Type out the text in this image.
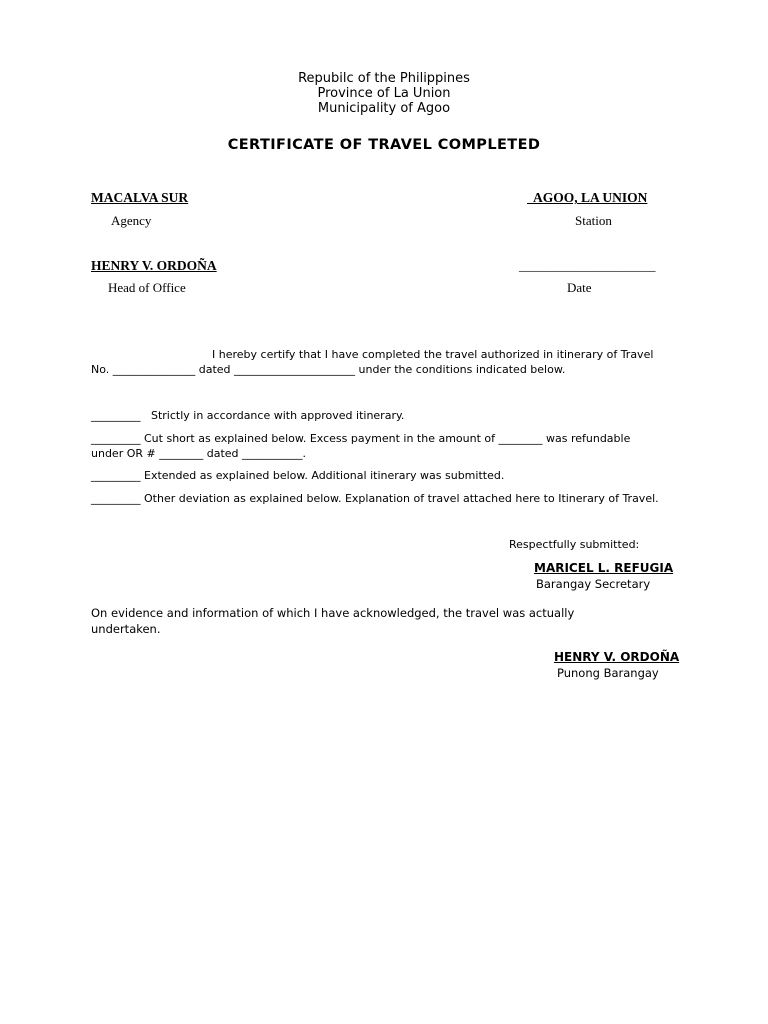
Repubilc of the Philippines
Province of La Union
Municipality of Agoo
CERTIFICATE OF TRAVEL COMPLETED
MACALVA SUR
Agency
AGOO, LA UNION
Station
HENRY V. ORDOÑA
Head of Office
_____________________
Date
I hereby certify that I have completed the travel authorized in itinerary of Travel
No. _______________ dated ______________________ under the conditions indicated below.
_________   Strictly in accordance with approved itinerary.
_________ Cut short as explained below. Excess payment in the amount of ________ was refundable
under OR # ________ dated ___________.
_________ Extended as explained below. Additional itinerary was submitted.
_________ Other deviation as explained below. Explanation of travel attached here to Itinerary of Travel.
Respectfully submitted:
MARICEL L. REFUGIA
Barangay Secretary
On evidence and information of which I have acknowledged, the travel was actually
undertaken.
HENRY V. ORDOÑA
Punong Barangay
